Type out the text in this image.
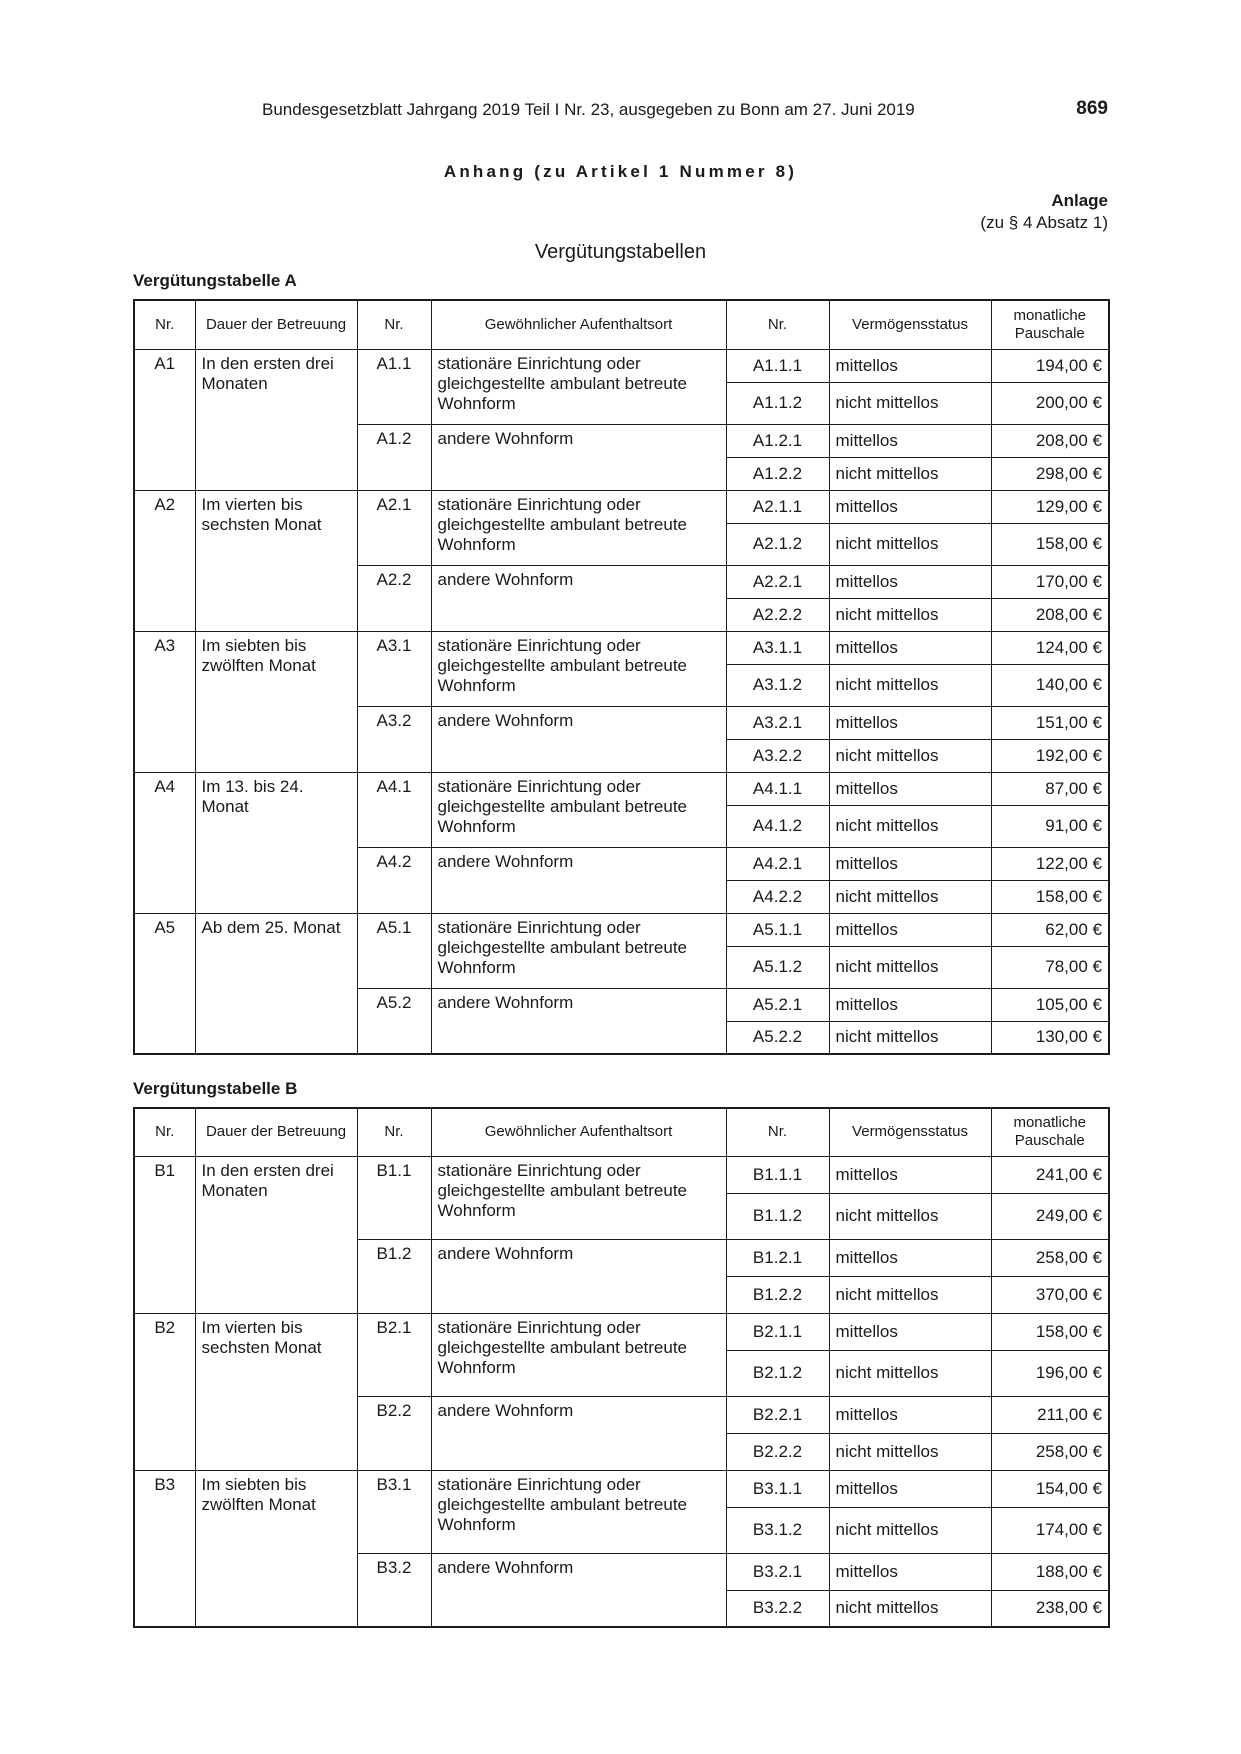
Bundesgesetzblatt Jahrgang 2019 Teil I Nr. 23, ausgegeben zu Bonn am 27. Juni 2019	869
Anhang (zu Artikel 1 Nummer 8)
Anlage
(zu § 4 Absatz 1)
Vergütungstabellen
Vergütungstabelle A
Nr.	Dauer der Betreuung	Nr.	Gewöhnlicher Aufenthaltsort	Nr.	Vermögensstatus	monatliche Pauschale
A1	In den ersten drei Monaten	A1.1	stationäre Einrichtung oder gleichgestellte ambulant betreute Wohnform	A1.1.1	mittellos	194,00 €
				A1.1.2	nicht mittellos	200,00 €
		A1.2	andere Wohnform	A1.2.1	mittellos	208,00 €
				A1.2.2	nicht mittellos	298,00 €
A2	Im vierten bis sechsten Monat	A2.1	stationäre Einrichtung oder gleichgestellte ambulant betreute Wohnform	A2.1.1	mittellos	129,00 €
				A2.1.2	nicht mittellos	158,00 €
		A2.2	andere Wohnform	A2.2.1	mittellos	170,00 €
				A2.2.2	nicht mittellos	208,00 €
A3	Im siebten bis zwölften Monat	A3.1	stationäre Einrichtung oder gleichgestellte ambulant betreute Wohnform	A3.1.1	mittellos	124,00 €
				A3.1.2	nicht mittellos	140,00 €
		A3.2	andere Wohnform	A3.2.1	mittellos	151,00 €
				A3.2.2	nicht mittellos	192,00 €
A4	Im 13. bis 24. Monat	A4.1	stationäre Einrichtung oder gleichgestellte ambulant betreute Wohnform	A4.1.1	mittellos	87,00 €
				A4.1.2	nicht mittellos	91,00 €
		A4.2	andere Wohnform	A4.2.1	mittellos	122,00 €
				A4.2.2	nicht mittellos	158,00 €
A5	Ab dem 25. Monat	A5.1	stationäre Einrichtung oder gleichgestellte ambulant betreute Wohnform	A5.1.1	mittellos	62,00 €
				A5.1.2	nicht mittellos	78,00 €
		A5.2	andere Wohnform	A5.2.1	mittellos	105,00 €
				A5.2.2	nicht mittellos	130,00 €
Vergütungstabelle B
Nr.	Dauer der Betreuung	Nr.	Gewöhnlicher Aufenthaltsort	Nr.	Vermögensstatus	monatliche Pauschale
B1	In den ersten drei Monaten	B1.1	stationäre Einrichtung oder gleichgestellte ambulant betreute Wohnform	B1.1.1	mittellos	241,00 €
				B1.1.2	nicht mittellos	249,00 €
		B1.2	andere Wohnform	B1.2.1	mittellos	258,00 €
				B1.2.2	nicht mittellos	370,00 €
B2	Im vierten bis sechsten Monat	B2.1	stationäre Einrichtung oder gleichgestellte ambulant betreute Wohnform	B2.1.1	mittellos	158,00 €
				B2.1.2	nicht mittellos	196,00 €
		B2.2	andere Wohnform	B2.2.1	mittellos	211,00 €
				B2.2.2	nicht mittellos	258,00 €
B3	Im siebten bis zwölften Monat	B3.1	stationäre Einrichtung oder gleichgestellte ambulant betreute Wohnform	B3.1.1	mittellos	154,00 €
				B3.1.2	nicht mittellos	174,00 €
		B3.2	andere Wohnform	B3.2.1	mittellos	188,00 €
				B3.2.2	nicht mittellos	238,00 €
